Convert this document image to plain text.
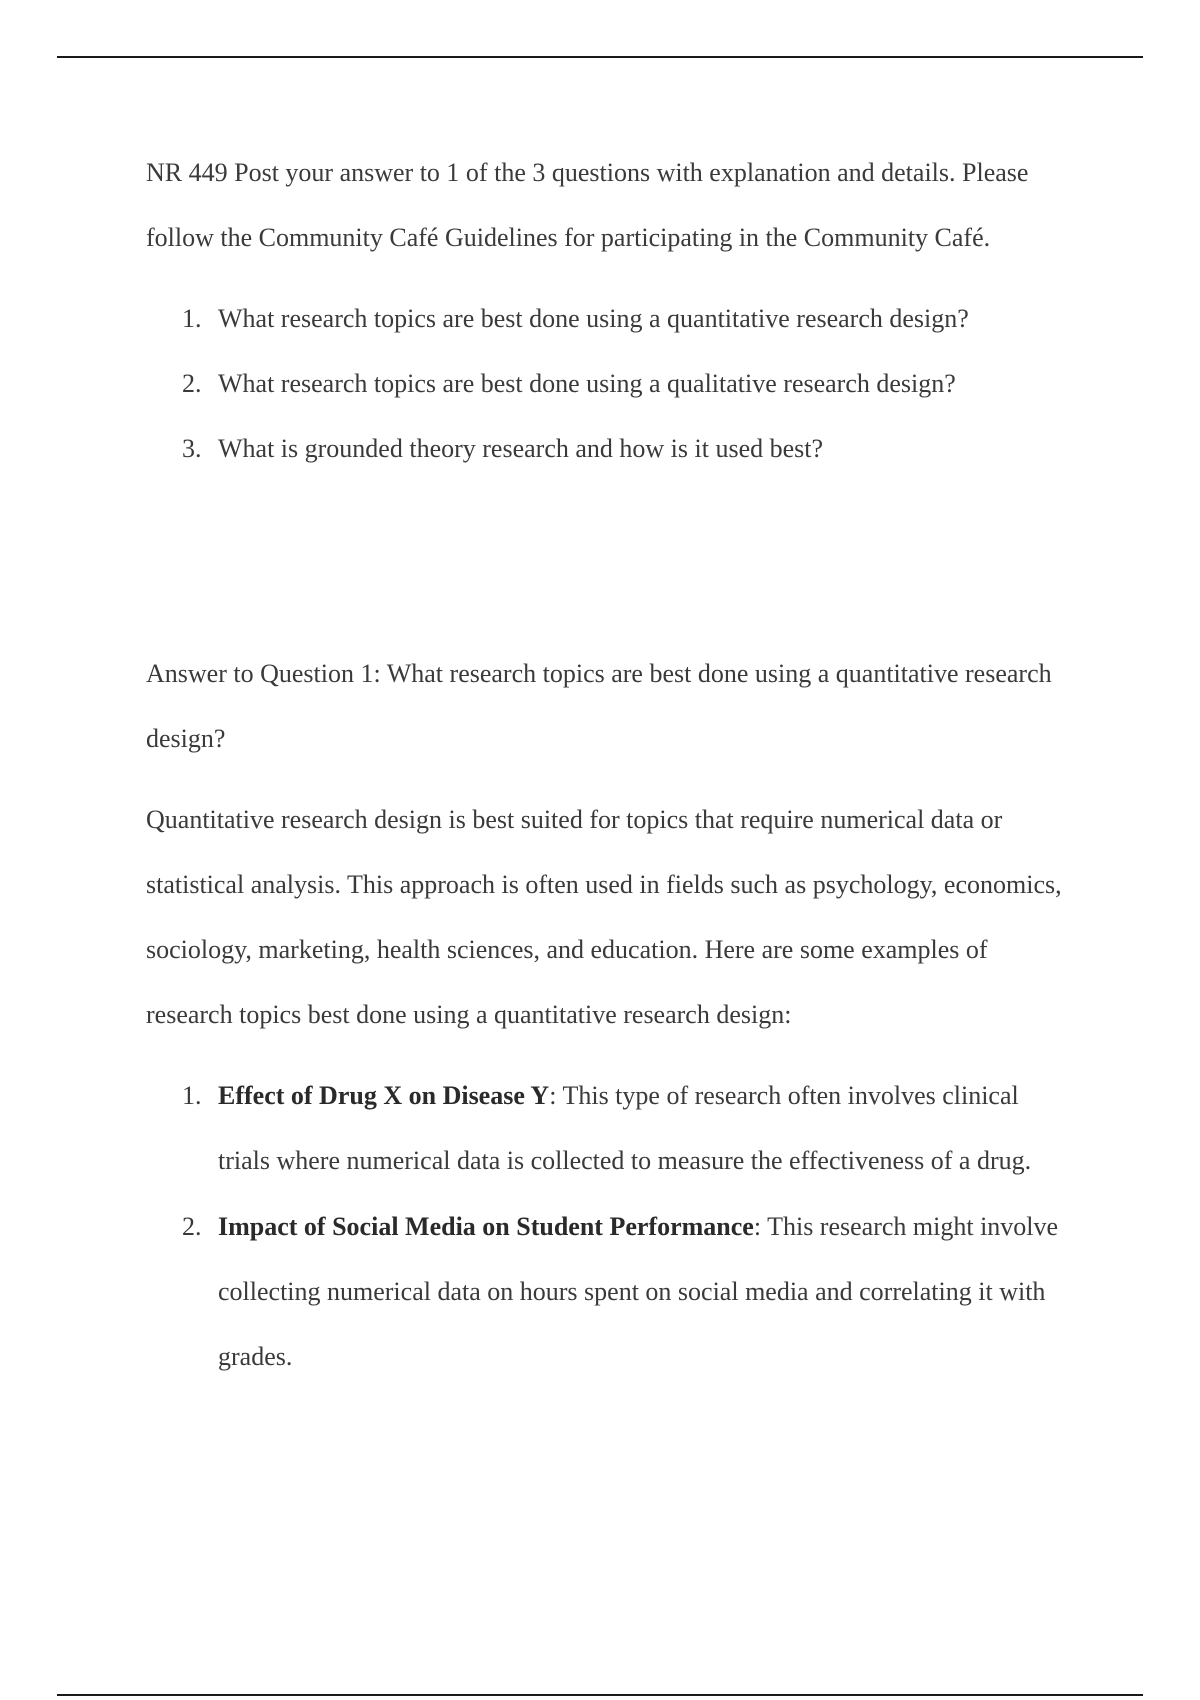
NR 449 Post your answer to 1 of the 3 questions with explanation and details. Please follow the Community Café Guidelines for participating in the Community Café.

1. What research topics are best done using a quantitative research design?
2. What research topics are best done using a qualitative research design?
3. What is grounded theory research and how is it used best?

Answer to Question 1: What research topics are best done using a quantitative research design?

Quantitative research design is best suited for topics that require numerical data or statistical analysis. This approach is often used in fields such as psychology, economics, sociology, marketing, health sciences, and education. Here are some examples of research topics best done using a quantitative research design:

1. Effect of Drug X on Disease Y: This type of research often involves clinical trials where numerical data is collected to measure the effectiveness of a drug.
2. Impact of Social Media on Student Performance: This research might involve collecting numerical data on hours spent on social media and correlating it with grades.
